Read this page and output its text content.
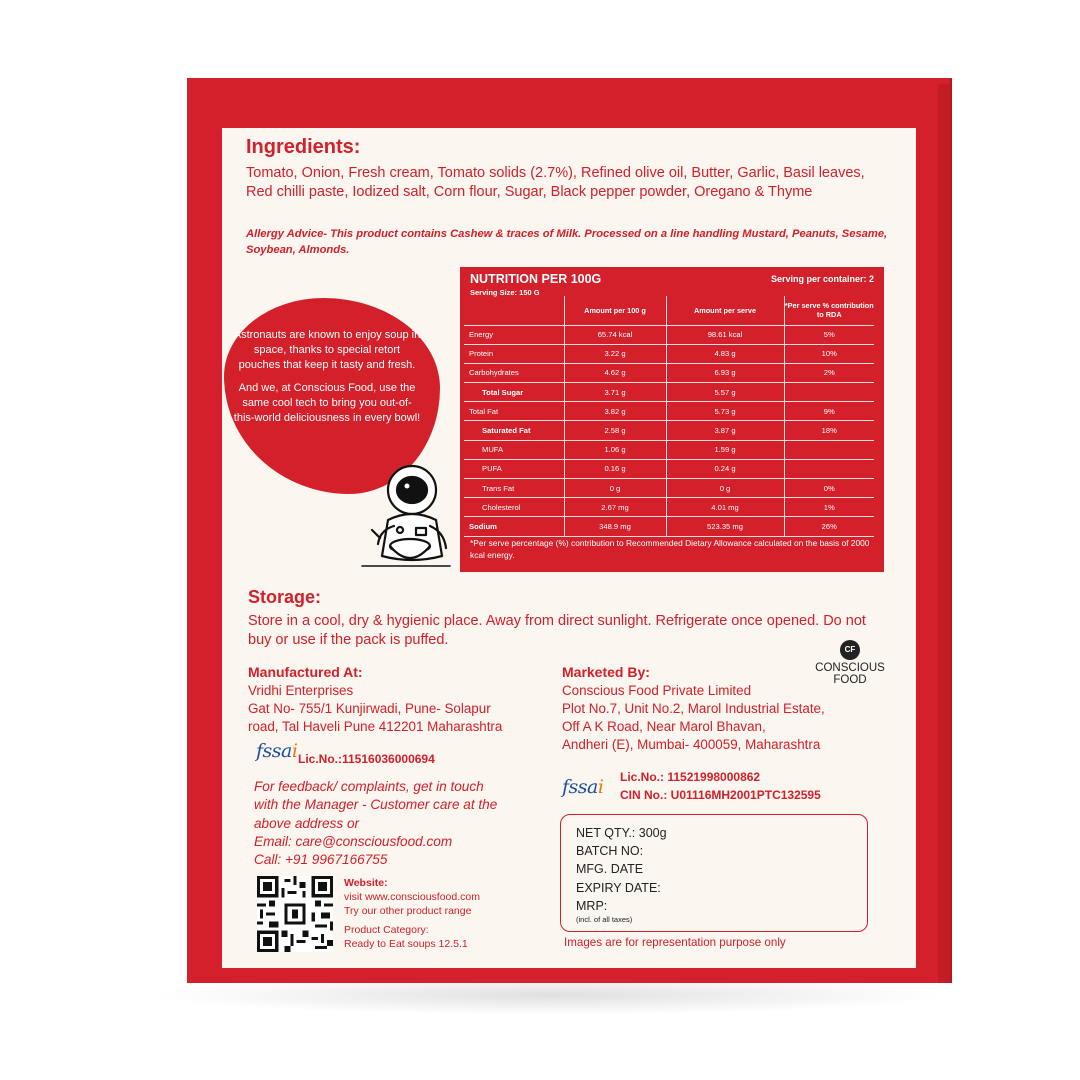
Ingredients:
Tomato, Onion, Fresh cream, Tomato solids (2.7%), Refined olive oil, Butter, Garlic, Basil leaves, Red chilli paste, Iodized salt, Corn flour, Sugar, Black pepper powder, Oregano & Thyme
Allergy Advice- This product contains Cashew & traces of Milk. Processed on a line handling Mustard, Peanuts, Sesame, Soybean, Almonds.

Astronauts are known to enjoy soup in space, thanks to special retort pouches that keep it tasty and fresh.

And we, at Conscious Food, use the same cool tech to bring you out-of-this-world deliciousness in every bowl!

NUTRITION PER 100G	Serving per container: 2
Serving Size: 150 G
	Amount per 100 g	Amount per serve	*Per serve % contribution to RDA
Energy	65.74 kcal	98.61 kcal	5%
Protein	3.22 g	4.83 g	10%
Carbohydrates	4.62 g	6.93 g	2%
Total Sugar	3.71 g	5.57 g	
Total Fat	3.82 g	5.73 g	9%
Saturated Fat	2.58 g	3.87 g	18%
MUFA	1.06 g	1.59 g	
PUFA	0.16 g	0.24 g	
Trans Fat	0 g	0 g	0%
Cholesterol	2.67 mg	4.01 mg	1%
Sodium	348.9 mg	523.35 mg	26%
*Per serve percentage (%) contribution to Recommended Dietary Allowance calculated on the basis of 2000 kcal energy.
Storage:
Store in a cool, dry & hygienic place. Away from direct sunlight. Refrigerate once opened. Do not buy or use if the pack is puffed.
Manufactured At:
Vridhi Enterprises
Gat No- 755/1 Kunjirwadi, Pune- Solapur
road, Tal Haveli Pune 412201 Maharashtra
fssai Lic.No.:11516036000694
For feedback/ complaints, get in touch
with the Manager - Customer care at the
above address or
Email: care@consciousfood.com
Call: +91 9967166755
Website:
visit www.consciousfood.com
Try our other product range
Product Category:
Ready to Eat soups 12.5.1
Marketed By:
CF
CONSCIOUS
FOOD
Conscious Food Private Limited
Plot No.7, Unit No.2, Marol Industrial Estate,
Off A K Road, Near Marol Bhavan,
Andheri (E), Mumbai- 400059, Maharashtra
fssai Lic.No.: 11521998000862
CIN No.: U01116MH2001PTC132595
NET QTY.: 300g
BATCH NO:
MFG. DATE
EXPIRY DATE:
MRP:
(incl. of all taxes)
Images are for representation purpose only
